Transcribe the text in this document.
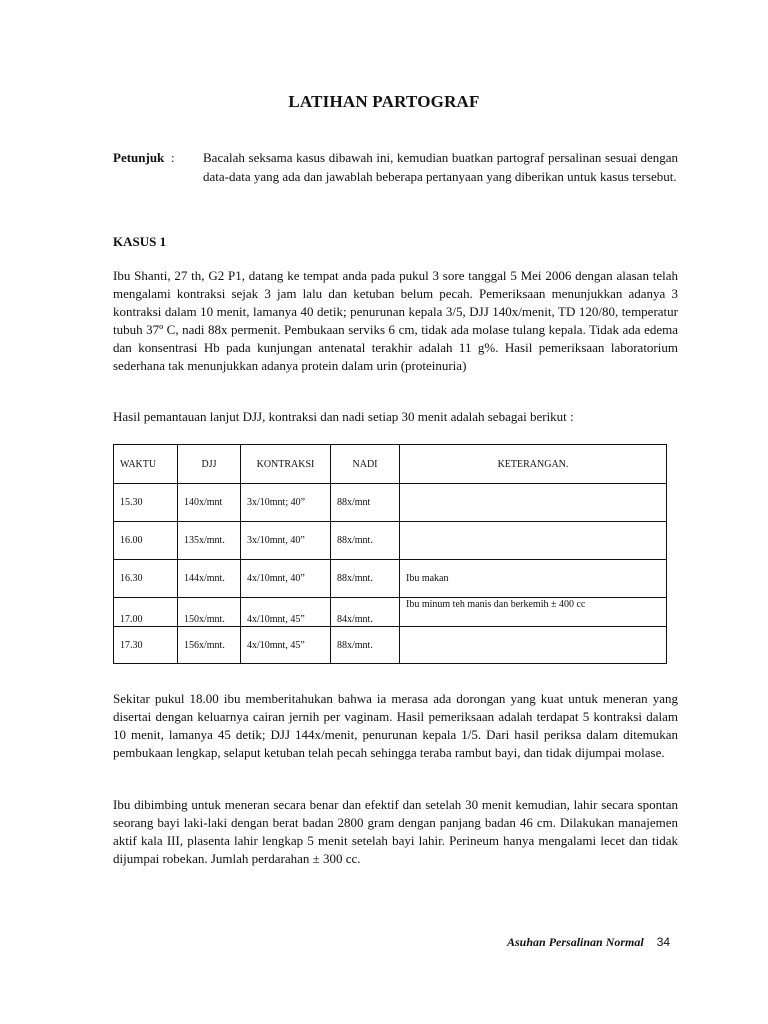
LATIHAN PARTOGRAF
Petunjuk : Bacalah seksama kasus dibawah ini, kemudian buatkan partograf persalinan sesuai dengan data-data yang ada dan jawablah beberapa pertanyaan yang diberikan untuk kasus tersebut.
KASUS 1
Ibu Shanti, 27 th, G2 P1, datang ke tempat anda pada pukul 3 sore tanggal 5 Mei 2006 dengan alasan telah mengalami kontraksi sejak 3 jam lalu dan ketuban belum pecah. Pemeriksaan menunjukkan adanya 3 kontraksi dalam 10 menit, lamanya 40 detik; penurunan kepala 3/5, DJJ 140x/menit, TD 120/80, temperatur tubuh 37º C, nadi 88x permenit. Pembukaan serviks 6 cm, tidak ada molase tulang kepala. Tidak ada edema dan konsentrasi Hb pada kunjungan antenatal terakhir adalah 11 g%. Hasil pemeriksaan laboratorium sederhana tak menunjukkan adanya protein dalam urin (proteinuria)
Hasil pemantauan lanjut DJJ, kontraksi dan nadi setiap 30 menit adalah sebagai berikut :
WAKTU	DJJ	KONTRAKSI	NADI	KETERANGAN.
15.30	140x/mnt	3x/10mnt; 40”	88x/mnt	
16.00	135x/mnt.	3x/10mnt, 40”	88x/mnt.	
16.30	144x/mnt.	4x/10mnt, 40”	88x/mnt.	Ibu makan
17.00	150x/mnt.	4x/10mnt, 45”	84x/mnt.	Ibu minum teh manis dan berkemih ± 400 cc
17.30	156x/mnt.	4x/10mnt, 45”	88x/mnt.	
Sekitar pukul 18.00 ibu memberitahukan bahwa ia merasa ada dorongan yang kuat untuk meneran yang disertai dengan keluarnya cairan jernih per vaginam. Hasil pemeriksaan adalah terdapat 5 kontraksi dalam 10 menit, lamanya 45 detik; DJJ 144x/menit, penurunan kepala 1/5. Dari hasil periksa dalam ditemukan pembukaan lengkap, selaput ketuban telah pecah sehingga teraba rambut bayi, dan tidak dijumpai molase.
Ibu dibimbing untuk meneran secara benar dan efektif dan setelah 30 menit kemudian, lahir secara spontan seorang bayi laki-laki dengan berat badan 2800 gram dengan panjang badan 46 cm. Dilakukan manajemen aktif kala III, plasenta lahir lengkap 5 menit setelah bayi lahir. Perineum hanya mengalami lecet dan tidak dijumpai robekan. Jumlah perdarahan ± 300 cc.
Asuhan Persalinan Normal 34
